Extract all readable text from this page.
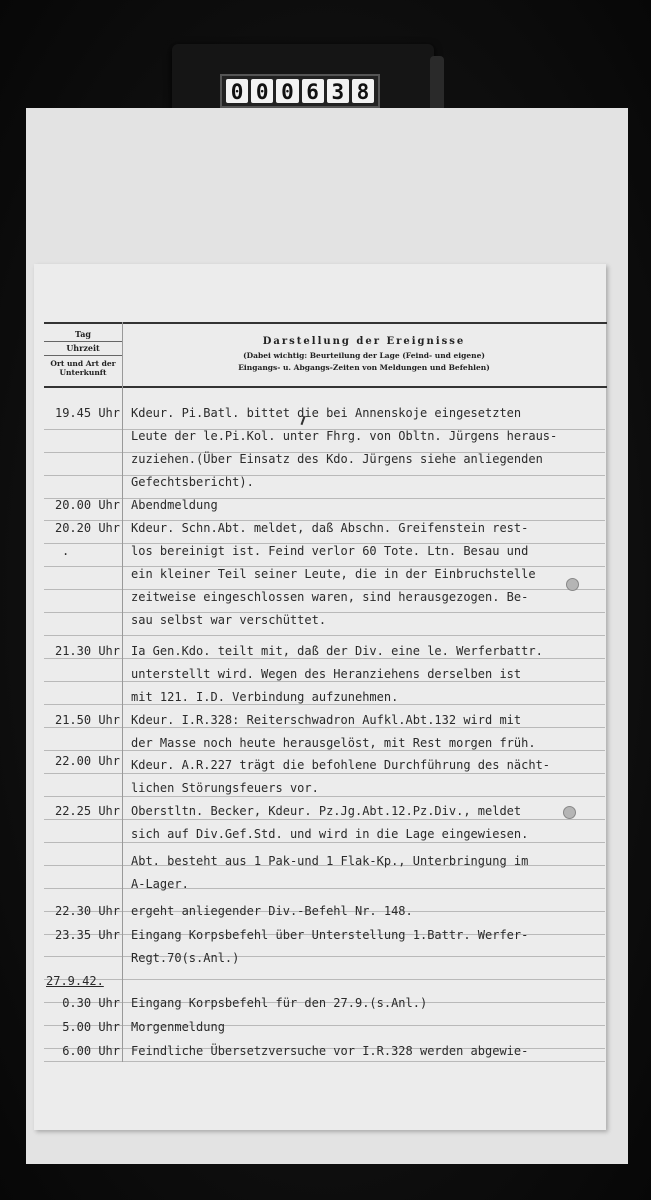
0 0 0 6 3 8
Tag
Uhrzeit
Ort und Art der Unterkunft
Darstellung der Ereignisse
(Dabei wichtig: Beurteilung der Lage (Feind- und eigene)
Eingangs- u. Abgangs-Zeiten von Meldungen und Befehlen)
19.45 Uhr
20.00 Uhr
20.20 Uhr
.
21.30 Uhr
21.50 Uhr
22.00 Uhr
22.25 Uhr
22.30 Uhr
23.35 Uhr
27.9.42.
0.30 Uhr
5.00 Uhr
6.00 Uhr
Kdeur. Pi.Batl. bittet die bei Annenskoje eingesetzten
Leute der le.Pi.Kol. unter Fhrg. von Obltn. Jürgens heraus-
zuziehen.(Über Einsatz des Kdo. Jürgens siehe anliegenden
Gefechtsbericht).
Abendmeldung
Kdeur. Schn.Abt. meldet, daß Abschn. Greifenstein rest-
los bereinigt ist. Feind verlor 60 Tote. Ltn. Besau und
ein kleiner Teil seiner Leute, die in der Einbruchstelle
zeitweise eingeschlossen waren, sind herausgezogen. Be-
sau selbst war verschüttet.
Ia Gen.Kdo. teilt mit, daß der Div. eine le. Werferbattr.
unterstellt wird. Wegen des Heranziehens derselben ist
mit 121. I.D. Verbindung aufzunehmen.
Kdeur. I.R.328: Reiterschwadron Aufkl.Abt.132 wird mit
der Masse noch heute herausgelöst, mit Rest morgen früh.
Kdeur. A.R.227 trägt die befohlene Durchführung des nächt-
lichen Störungsfeuers vor.
Oberstltn. Becker, Kdeur. Pz.Jg.Abt.12.Pz.Div., meldet
sich auf Div.Gef.Std. und wird in die Lage eingewiesen.
Abt. besteht aus 1 Pak-und 1 Flak-Kp., Unterbringung im
A-Lager.
ergeht anliegender Div.-Befehl Nr. 148.
Eingang Korpsbefehl über Unterstellung 1.Battr. Werfer-
Regt.70(s.Anl.)
Eingang Korpsbefehl für den 27.9.(s.Anl.)
Morgenmeldung
Feindliche Übersetzversuche vor I.R.328 werden abgewie-
